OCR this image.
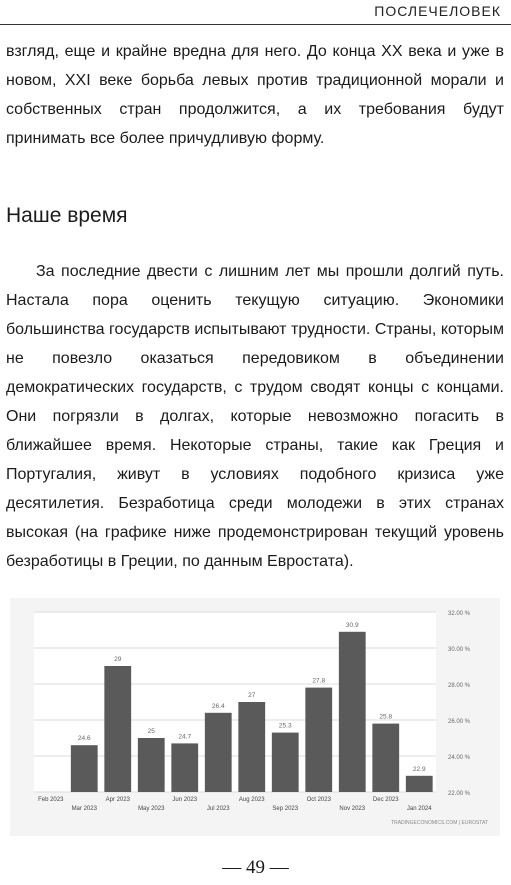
ПОСЛЕЧЕЛОВЕК

взгляд, еще и крайне вредна для него. До конца XX века и уже в новом, XXI веке борьба левых против традиционной морали и собственных стран продолжится, а их требования будут принимать все более причудливую форму.

Наше время

За последние двести с лишним лет мы прошли долгий путь. Настала пора оценить текущую ситуацию. Экономики большинства государств испытывают трудности. Страны, которым не повезло оказаться передовиком в объединении демократических государств, с трудом сводят концы с концами. Они погрязли в долгах, которые невозможно погасить в ближайшее время. Некоторые страны, такие как Греция и Португалия, живут в условиях подобного кризиса уже десятилетия. Безработица среди молодежи в этих странах высокая (на графике ниже продемонстрирован текущий уровень безработицы в Греции, по данным Евростата).

22.00 %
24.00 %
26.00 %
28.00 %
30.00 %
32.00 %
Feb 2023
24.6
Mar 2023
29
Apr 2023
25
May 2023
24.7
Jun 2023
26.4
Jul 2023
27
Aug 2023
25.3
Sep 2023
27.8
Oct 2023
30.9
Nov 2023
25.8
Dec 2023
22.9
Jan 2024
TRADINGECONOMICS.COM | EUROSTAT
— 49 —
